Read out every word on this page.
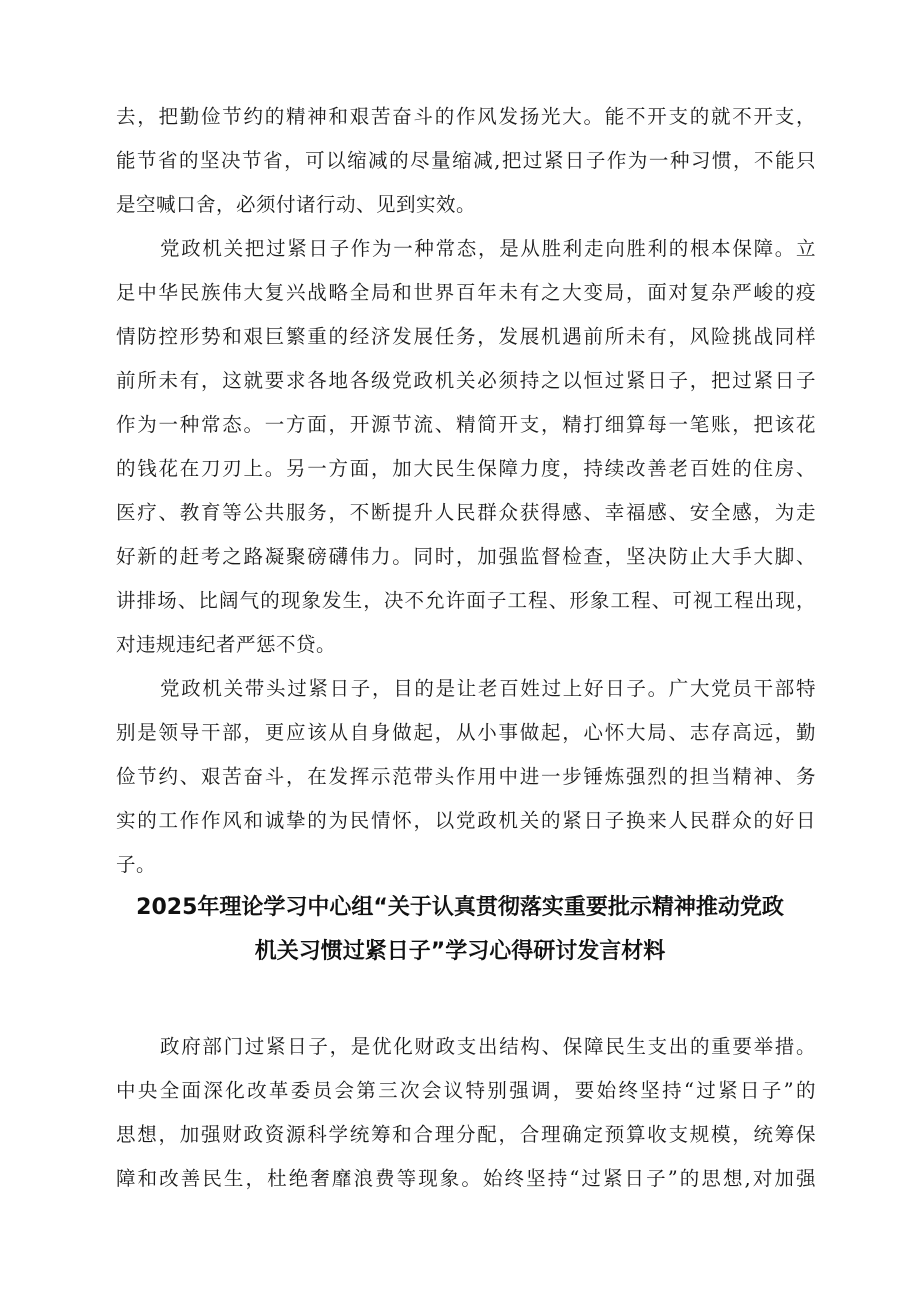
去，把勤俭节约的精神和艰苦奋斗的作风发扬光大。能不开支的就不开支，
能节省的坚决节省，可以缩减的尽量缩减,把过紧日子作为一种习惯，不能只
是空喊口舍，必须付诸行动、见到实效。
党政机关把过紧日子作为一种常态，是从胜利走向胜利的根本保障。立
足中华民族伟大复兴战略全局和世界百年未有之大变局，面对复杂严峻的疫
情防控形势和艰巨繁重的经济发展任务，发展机遇前所未有，风险挑战同样
前所未有，这就要求各地各级党政机关必须持之以恒过紧日子，把过紧日子
作为一种常态。一方面，开源节流、精简开支，精打细算每一笔账，把该花
的钱花在刀刃上。另一方面，加大民生保障力度，持续改善老百姓的住房、
医疗、教育等公共服务，不断提升人民群众获得感、幸福感、安全感，为走
好新的赶考之路凝聚磅礴伟力。同时，加强监督检查，坚决防止大手大脚、
讲排场、比阔气的现象发生，决不允许面子工程、形象工程、可视工程出现，
对违规违纪者严惩不贷。
党政机关带头过紧日子，目的是让老百姓过上好日子。广大党员干部特
别是领导干部，更应该从自身做起，从小事做起，心怀大局、志存高远，勤
俭节约、艰苦奋斗，在发挥示范带头作用中进一步锤炼强烈的担当精神、务
实的工作作风和诚挚的为民情怀，以党政机关的紧日子换来人民群众的好日
子。
2025年理论学习中心组“关于认真贯彻落实重要批示精神推动党政
机关习惯过紧日子”学习心得研讨发言材料
政府部门过紧日子，是优化财政支出结构、保障民生支出的重要举措。
中央全面深化改革委员会第三次会议特别强调，要始终坚持“过紧日子”的
思想，加强财政资源科学统筹和合理分配，合理确定预算收支规模，统筹保
障和改善民生，杜绝奢靡浪费等现象。始终坚持“过紧日子”的思想,对加强
